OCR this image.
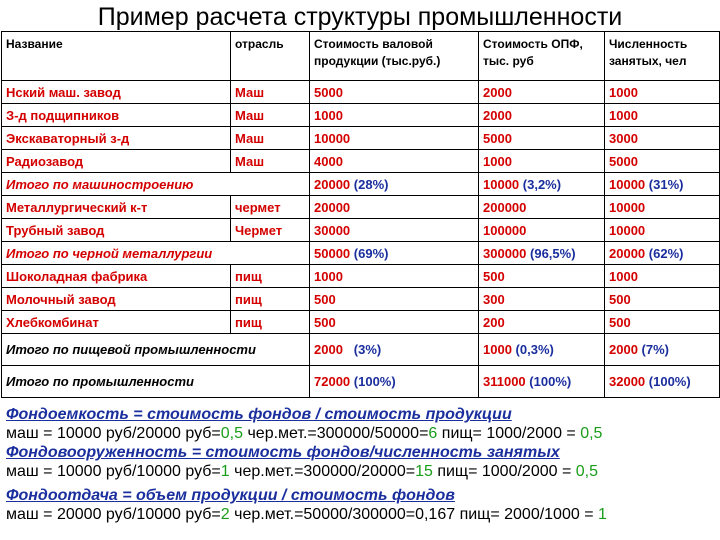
Пример расчета структуры промышленности
Название	отрасль	Стоимость валовой продукции (тыс.руб.)	Стоимость ОПФ, тыс. руб	Численность занятых, чел
Нский маш. завод	Маш	5000	2000	1000
З-д подщипников	Маш	1000	2000	1000
Экскаваторный з-д	Маш	10000	5000	3000
Радиозавод	Маш	4000	1000	5000
Итого по машиностроению		20000 (28%)	10000 (3,2%)	10000 (31%)
Металлургический к-т	чермет	20000	200000	10000
Трубный завод	Чермет	30000	100000	10000
Итого по черной металлургии		50000 (69%)	300000 (96,5%)	20000 (62%)
Шоколадная фабрика	пищ	1000	500	1000
Молочный завод	пищ	500	300	500
Хлебкомбинат	пищ	500	200	500
Итого по пищевой промышленности		2000 (3%)	1000 (0,3%)	2000 (7%)
Итого по промышленности		72000 (100%)	311000 (100%)	32000 (100%)
Фондоемкость = стоимость фондов / стоимость продукции
маш = 10000 руб/20000 руб=0,5 чер.мет.=300000/50000=6 пищ= 1000/2000 = 0,5
Фондовооруженность = стоимость фондов/численность занятых
маш = 10000 руб/10000 руб=1 чер.мет.=300000/20000=15 пищ= 1000/2000 = 0,5
Фондоотдача = объем продукции / стоимость фондов
маш = 20000 руб/10000 руб=2 чер.мет.=50000/300000=0,167 пищ= 2000/1000 = 1
